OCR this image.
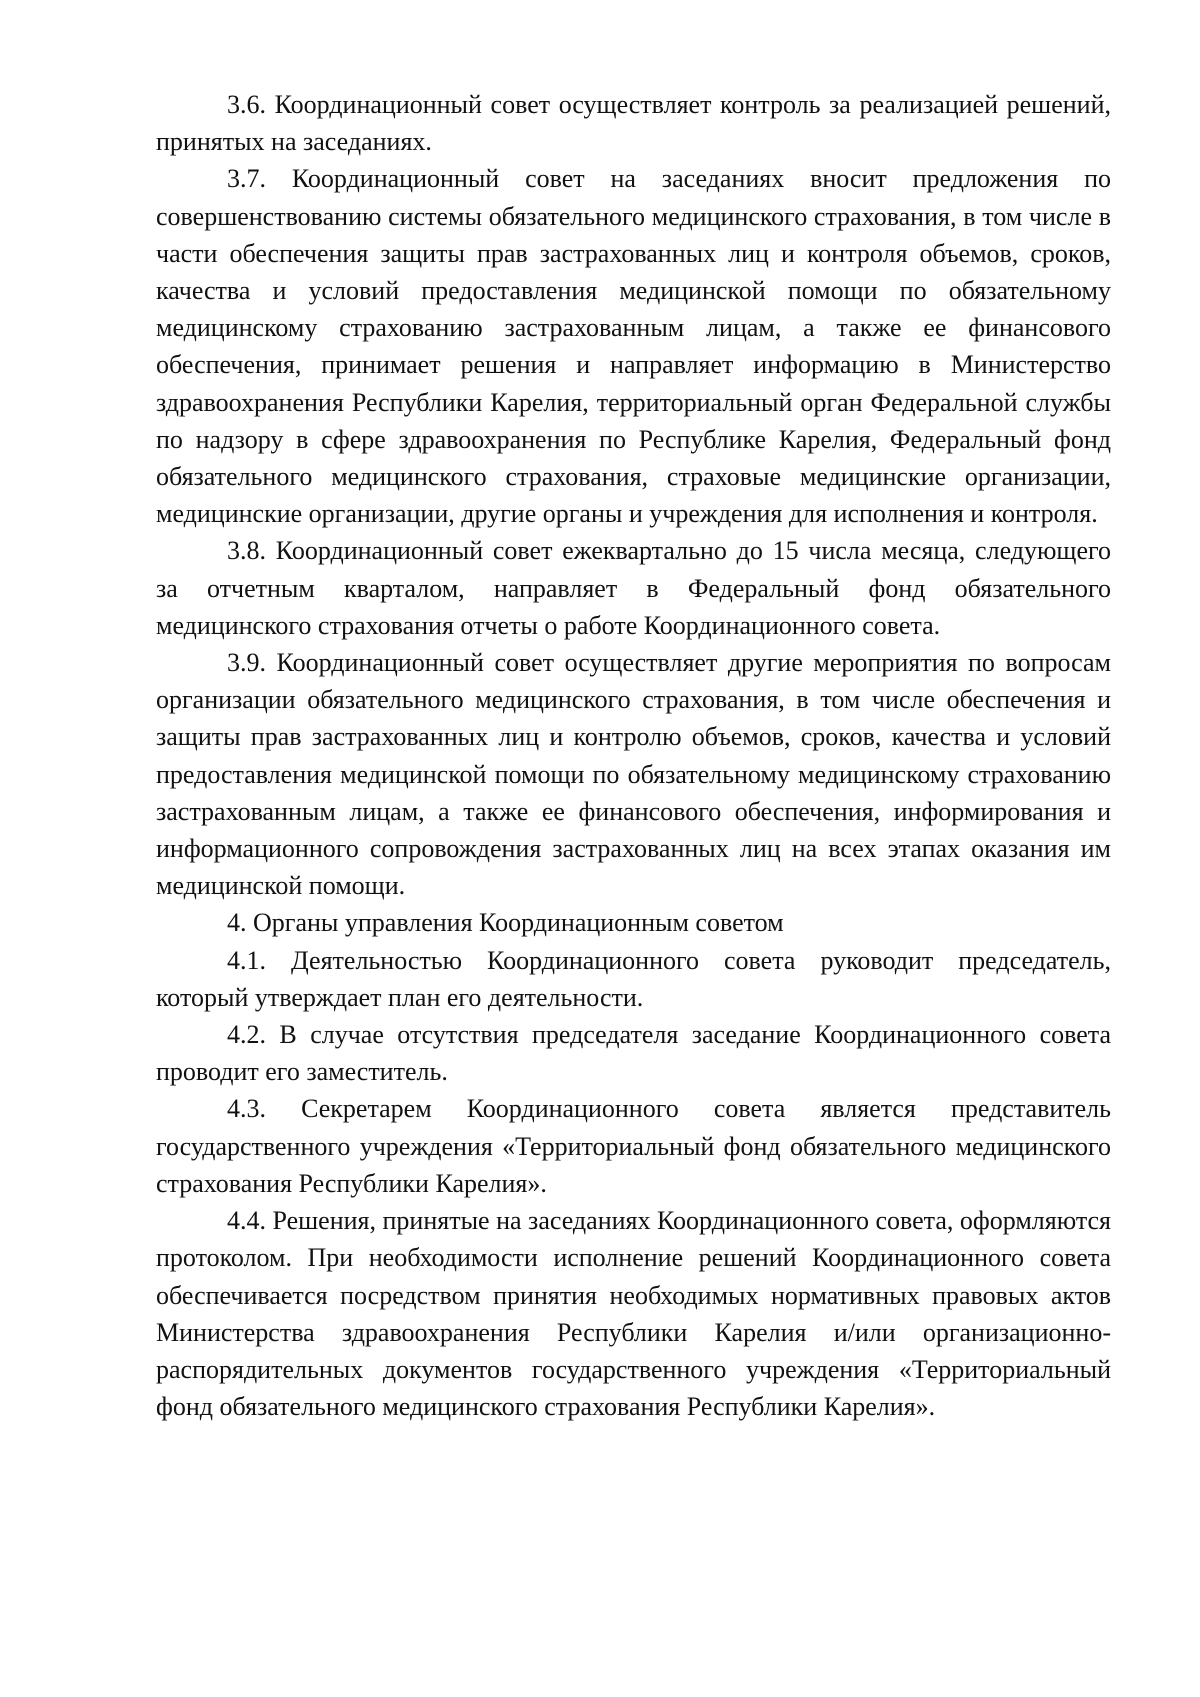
3.6. Координационный совет осуществляет контроль за реализацией решений, принятых на заседаниях.

3.7. Координационный совет на заседаниях вносит предложения по совершенствованию системы обязательного медицинского страхования, в том числе в части обеспечения защиты прав застрахованных лиц и контроля объемов, сроков, качества и условий предоставления медицинской помощи по обязательному медицинскому страхованию застрахованным лицам, а также ее финансового обеспечения, принимает решения и направляет информацию в Министерство здравоохранения Республики Карелия, территориальный орган Федеральной службы по надзору в сфере здравоохранения по Республике Карелия, Федеральный фонд обязательного медицинского страхования, страховые медицинские организации, медицинские организации, другие органы и учреждения для исполнения и контроля.

3.8. Координационный совет ежеквартально до 15 числа месяца, следующего за отчетным кварталом, направляет в Федеральный фонд обязательного медицинского страхования отчеты о работе Координационного совета.

3.9. Координационный совет осуществляет другие мероприятия по вопросам организации обязательного медицинского страхования, в том числе обеспечения и защиты прав застрахованных лиц и контролю объемов, сроков, качества и условий предоставления медицинской помощи по обязательному медицинскому страхованию застрахованным лицам, а также ее финансового обеспечения, информирования и информационного сопровождения застрахованных лиц на всех этапах оказания им медицинской помощи.

4. Органы управления Координационным советом

4.1. Деятельностью Координационного совета руководит председатель, который утверждает план его деятельности.

4.2. В случае отсутствия председателя заседание Координационного совета проводит его заместитель.

4.3. Секретарем Координационного совета является представитель государственного учреждения «Территориальный фонд обязательного медицинского страхования Республики Карелия».

4.4. Решения, принятые на заседаниях Координационного совета, оформляются протоколом. При необходимости исполнение решений Координационного совета обеспечивается посредством принятия необходимых нормативных правовых актов Министерства здравоохранения Республики Карелия и/или организационно-распорядительных документов государственного учреждения «Территориальный фонд обязательного медицинского страхования Республики Карелия».
